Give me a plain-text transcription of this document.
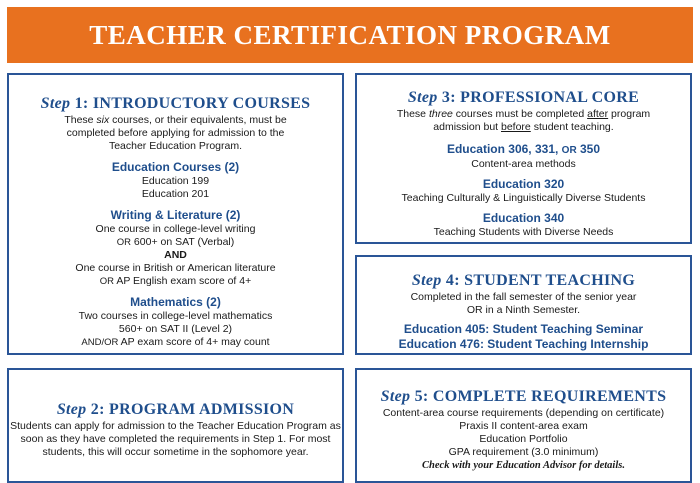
TEACHER CERTIFICATION PROGRAM
Step 1: INTRODUCTORY COURSES
These six courses, or their equivalents, must be
completed before applying for admission to the
Teacher Education Program.
Education Courses (2)
Education 199
Education 201
Writing & Literature (2)
One course in college-level writing
OR 600+ on SAT (Verbal)
AND
One course in British or American literature
OR AP English exam score of 4+
Mathematics (2)
Two courses in college-level mathematics
560+ on SAT II (Level 2)
AND/OR AP exam score of 4+ may count
Step 2: PROGRAM ADMISSION
Students can apply for admission to the Teacher Education Program as
soon as they have completed the requirements in Step 1. For most
students, this will occur sometime in the sophomore year.
Step 3: PROFESSIONAL CORE
These three courses must be completed after program
admission but before student teaching.
Education 306, 331, OR 350
Content-area methods
Education 320
Teaching Culturally & Linguistically Diverse Students
Education 340
Teaching Students with Diverse Needs
Step 4: STUDENT TEACHING
Completed in the fall semester of the senior year
OR in a Ninth Semester.
Education 405: Student Teaching Seminar
Education 476: Student Teaching Internship
Step 5: COMPLETE REQUIREMENTS
Content-area course requirements (depending on certificate)
Praxis II content-area exam
Education Portfolio
GPA requirement (3.0 minimum)
Check with your Education Advisor for details.
